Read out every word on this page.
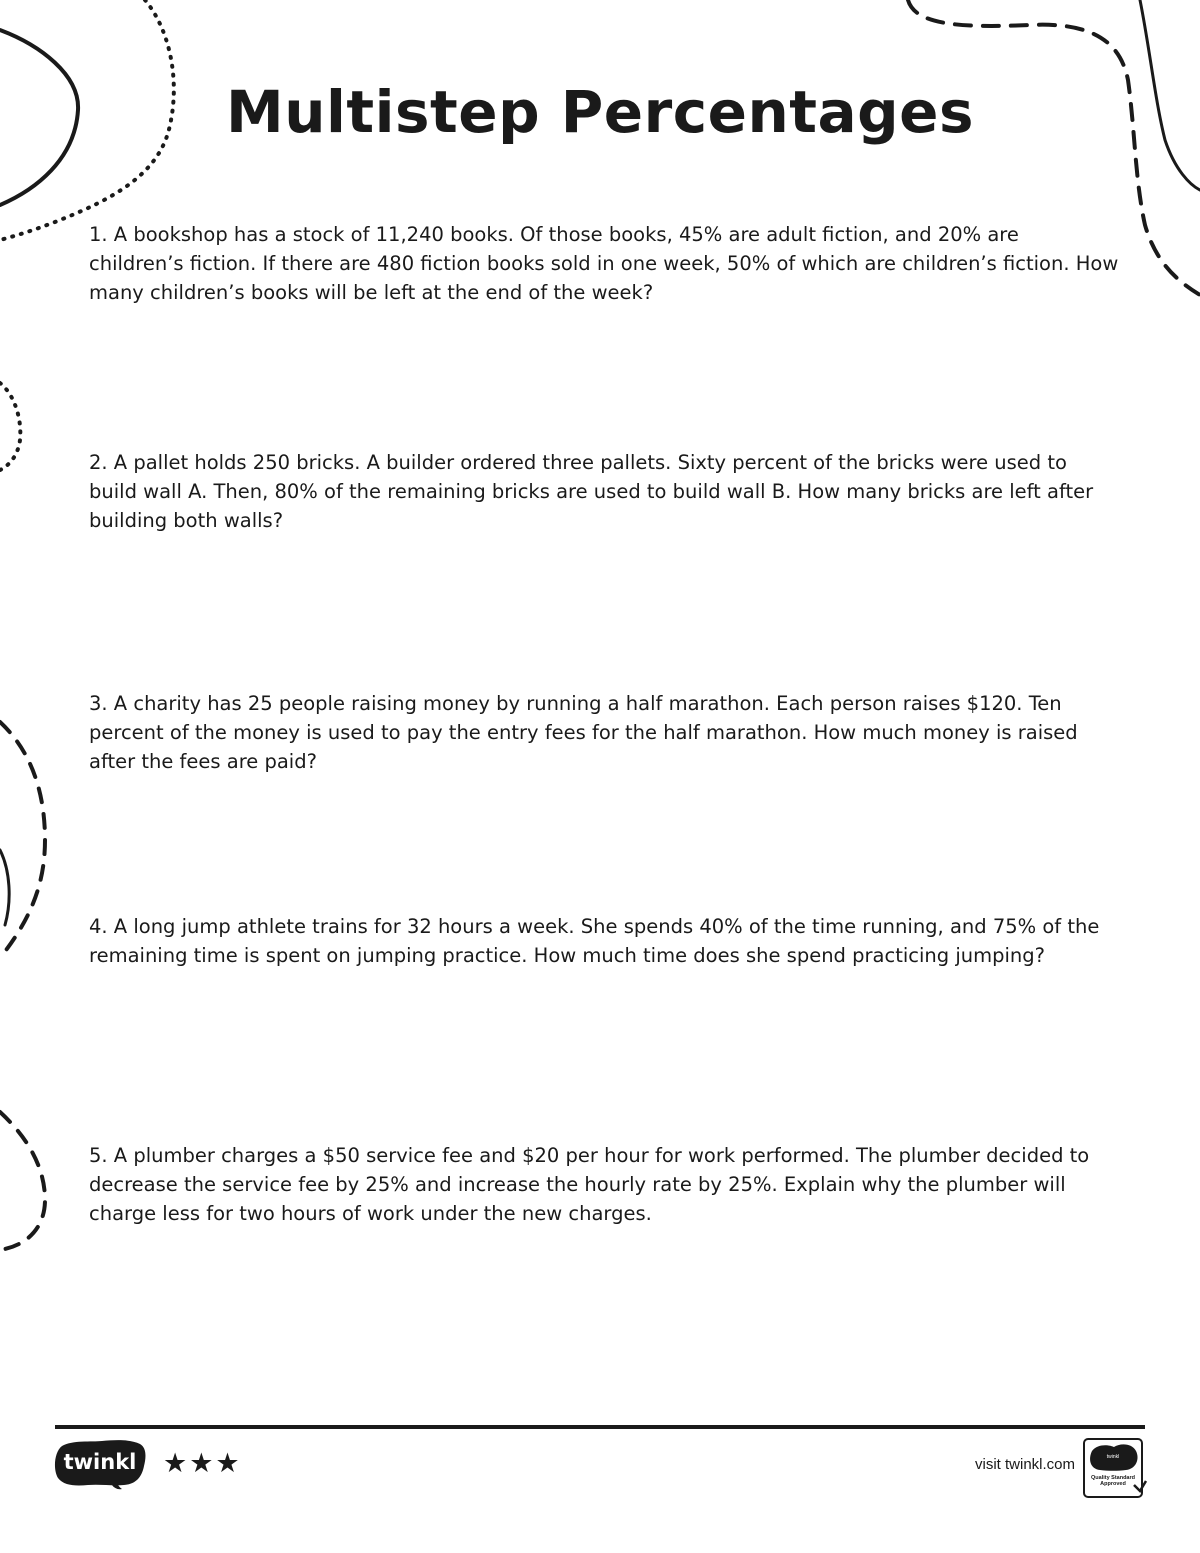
Multistep Percentages
1. A bookshop has a stock of 11,240 books. Of those books, 45% are adult fiction, and 20% are children’s fiction. If there are 480 fiction books sold in one week, 50% of which are children’s fiction. How many children’s books will be left at the end of the week?
2. A pallet holds 250 bricks. A builder ordered three pallets. Sixty percent of the bricks were used to build wall A. Then, 80% of the remaining bricks are used to build wall B. How many bricks are left after building both walls?
3. A charity has 25 people raising money by running a half marathon. Each person raises $120. Ten percent of the money is used to pay the entry fees for the half marathon. How much money is raised after the fees are paid?
4. A long jump athlete trains for 32 hours a week. She spends 40% of the time running, and 75% of the remaining time is spent on jumping practice. How much time does she spend practicing jumping?
5. A plumber charges a $50 service fee and $20 per hour for work performed. The plumber decided to decrease the service fee by 25% and increase the hourly rate by 25%. Explain why the plumber will charge less for two hours of work under the new charges.
twinkl ★★★	visit twinkl.com	twinkl
Quality Standard
Approved
